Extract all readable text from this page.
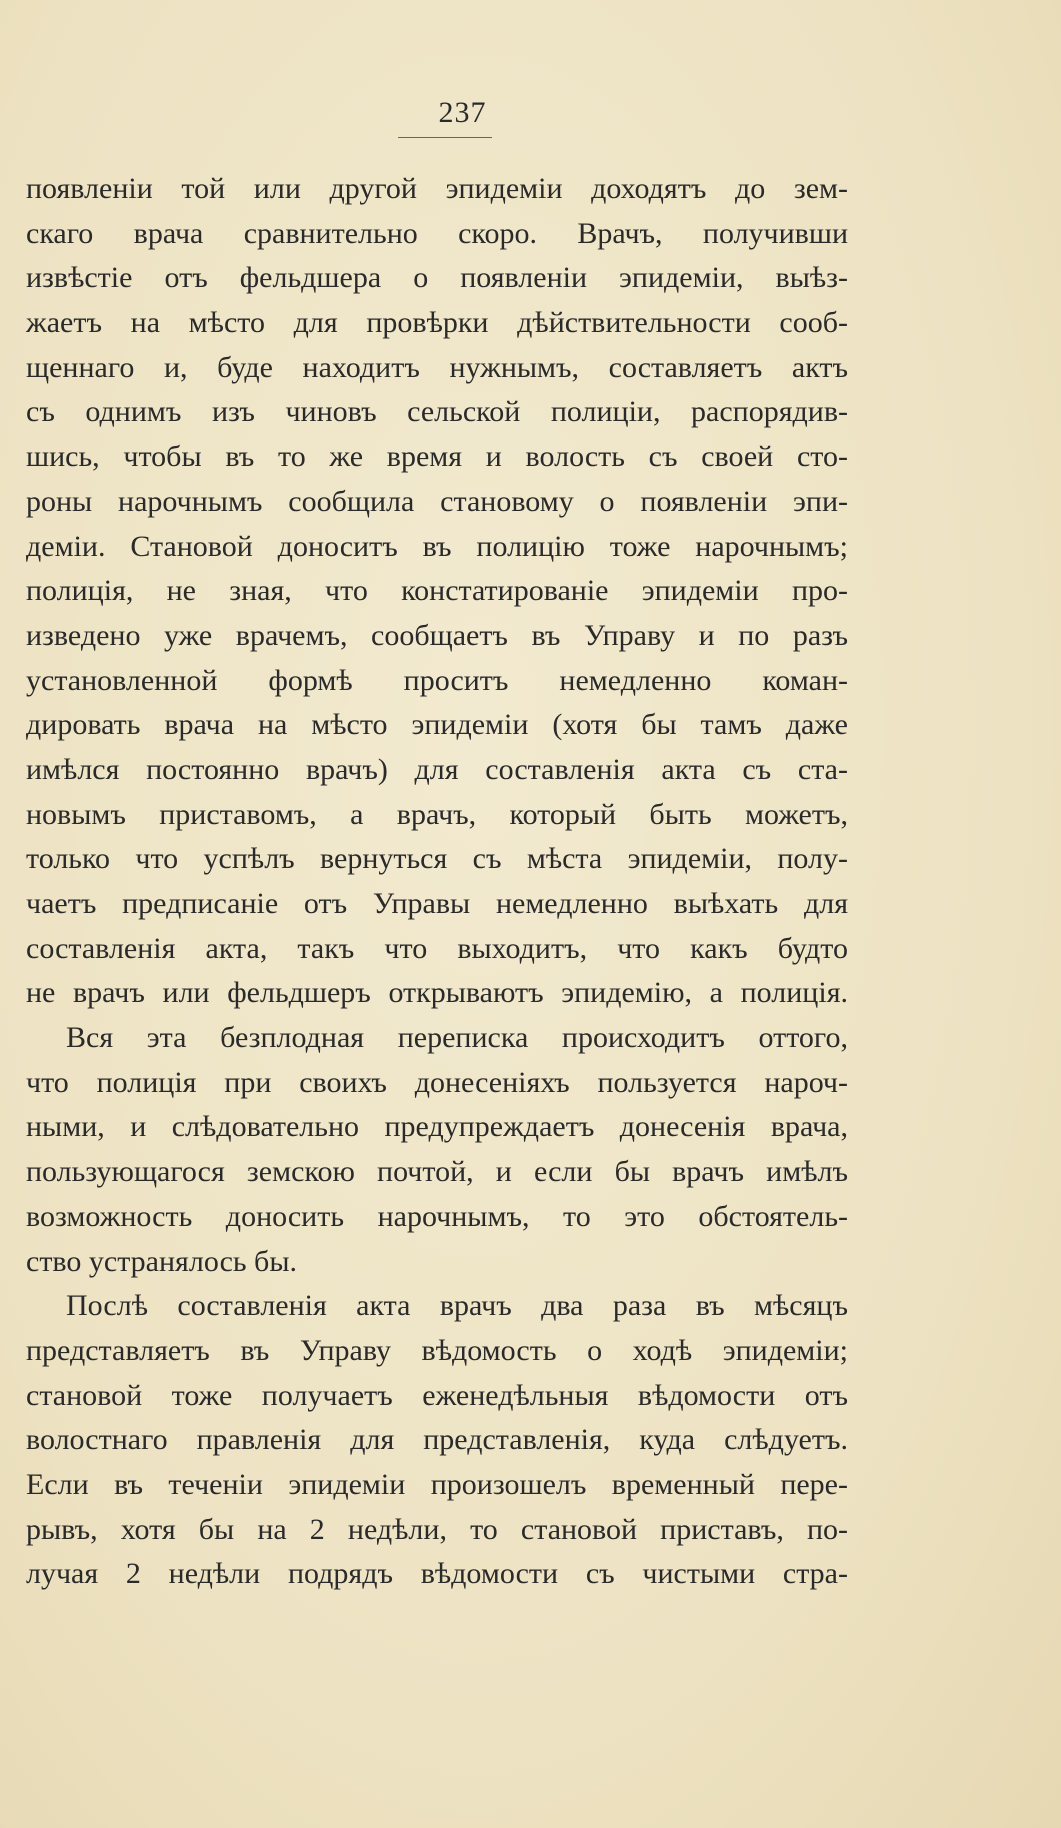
237
появленіи той или другой эпидеміи доходятъ до зем-
скаго врача сравнительно скоро. Врачъ, получивши
извѣстіе отъ фельдшера о появленіи эпидеміи, выѣз-
жаетъ на мѣсто для провѣрки дѣйствительности сооб-
щеннаго и, буде находитъ нужнымъ, составляетъ актъ
съ однимъ изъ чиновъ сельской полиціи, распорядив-
шись, чтобы въ то же время и волость съ своей сто-
роны нарочнымъ сообщила становому о появленіи эпи-
деміи. Становой доноситъ въ полицію тоже нарочнымъ;
полиція, не зная, что констатированіе эпидеміи про-
изведено уже врачемъ, сообщаетъ въ Управу и по разъ
установленной формѣ проситъ немедленно коман-
дировать врача на мѣсто эпидеміи (хотя бы тамъ даже
имѣлся постоянно врачъ) для составленія акта съ ста-
новымъ приставомъ, а врачъ, который быть можетъ,
только что успѣлъ вернуться съ мѣста эпидеміи, полу-
чаетъ предписаніе отъ Управы немедленно выѣхать для
составленія акта, такъ что выходитъ, что какъ будто
не врачъ или фельдшеръ открываютъ эпидемію, а полиція.
Вся эта безплодная переписка происходитъ оттого,
что полиція при своихъ донесеніяхъ пользуется нароч-
ными, и слѣдовательно предупреждаетъ донесенія врача,
пользующагося земскою почтой, и если бы врачъ имѣлъ
возможность доносить нарочнымъ, то это обстоятель-
ство устранялось бы.
Послѣ составленія акта врачъ два раза въ мѣсяцъ
представляетъ въ Управу вѣдомость о ходѣ эпидеміи;
становой тоже получаетъ еженедѣльныя вѣдомости отъ
волостнаго правленія для представленія, куда слѣдуетъ.
Если въ теченіи эпидеміи произошелъ временный пере-
рывъ, хотя бы на 2 недѣли, то становой приставъ, по-
лучая 2 недѣли подрядъ вѣдомости съ чистыми стра-
